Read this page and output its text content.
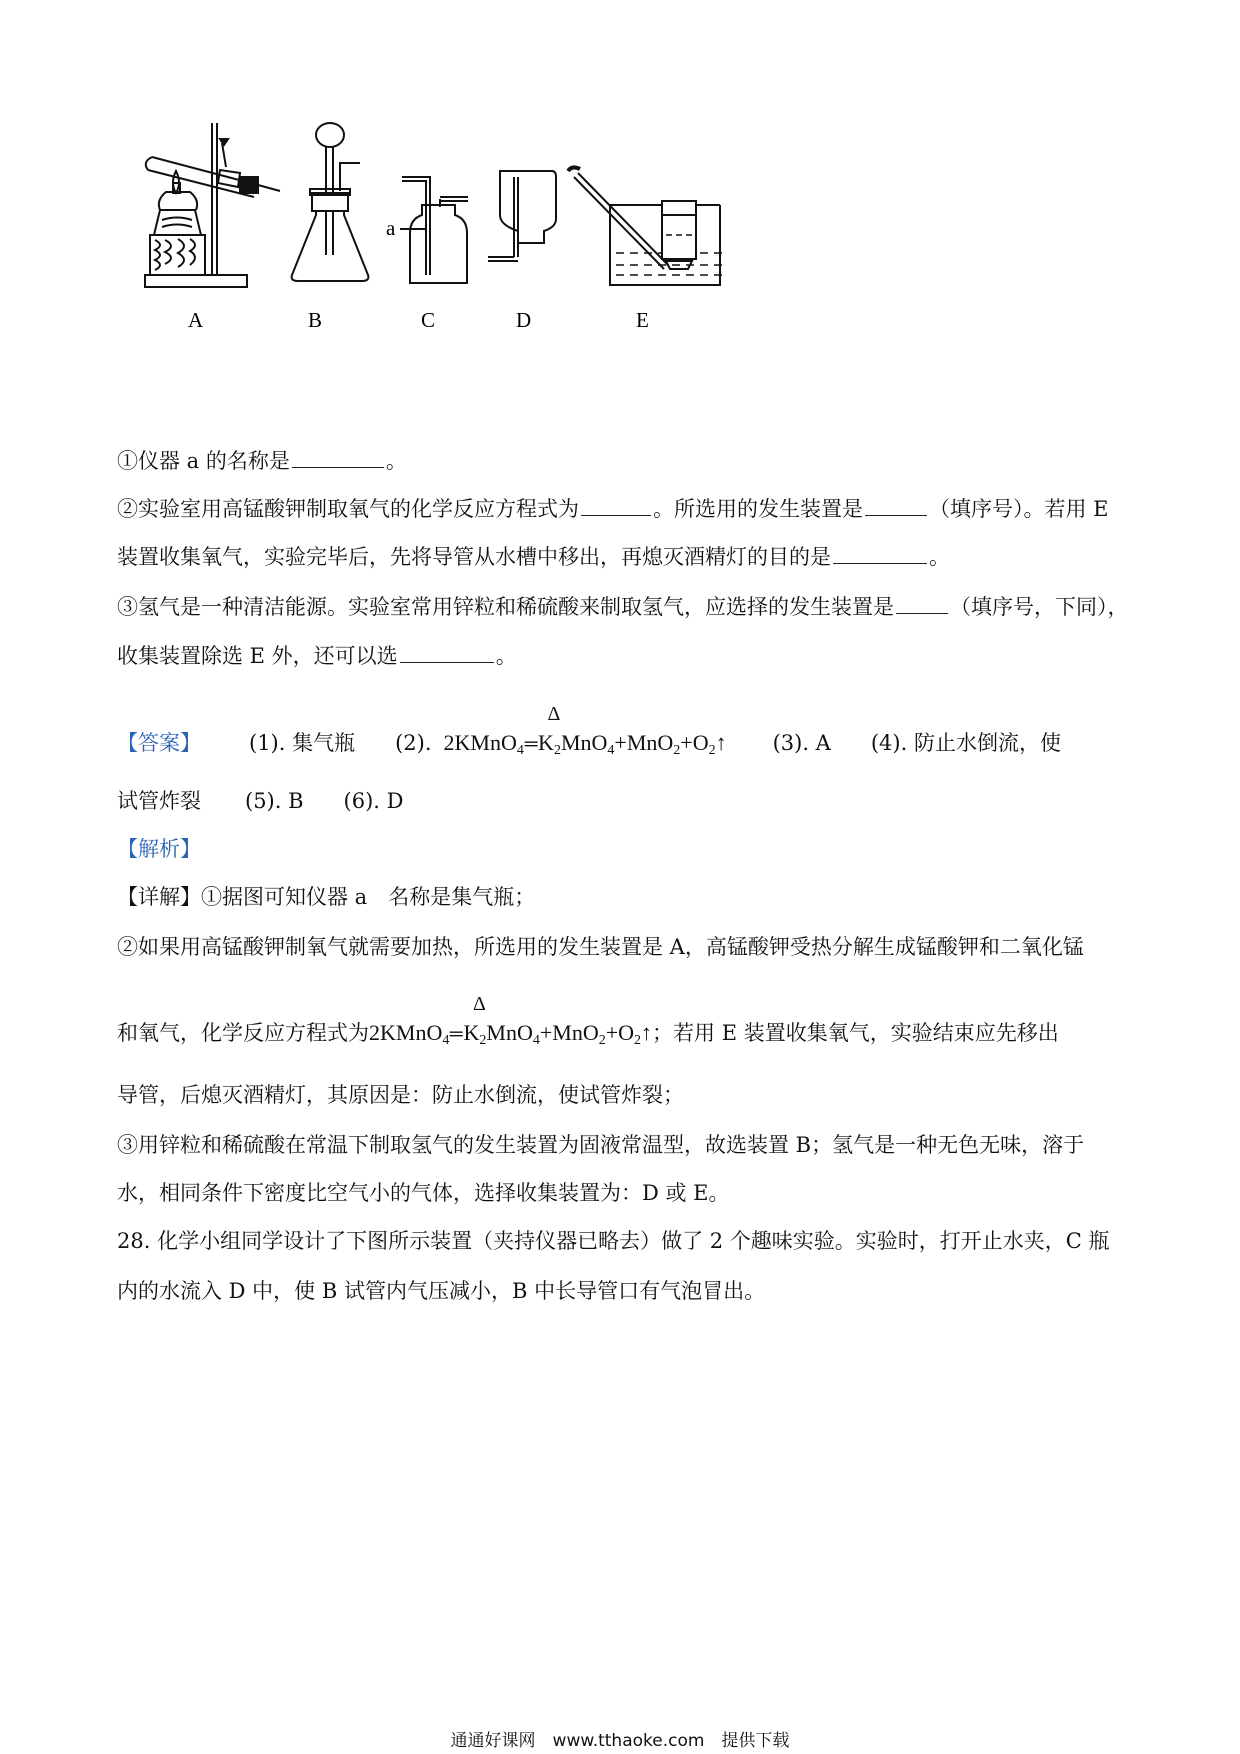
a
A	B	C	D	E
①仪器 a 的名称是	。
②实验室用高锰酸钾制取氧气的化学反应方程式为	。所选用的发生装置是	（填序号）。若用 E
装置收集氧气，实验完毕后，先将导管从水槽中移出，再熄灭酒精灯的目的是	。
③氢气是一种清洁能源。实验室常用锌粒和稀硫酸来制取氢气，应选择的发生装置是	（填序号，下同），
收集装置除选 E 外，还可以选	。
【答案】 (1). 集气瓶 (2). 2KMnO$_4$
Δ
$═K_2MnO_4+MnO_2+O_2↑$ (3). A (4). 防止水倒流，使
试管炸裂 (5). B (6). D
【解析】
【详解】①据图可知仪器 a　名称是集气瓶；
②如果用高锰酸钾制氧气就需要加热，所选用的发生装置是 A，高锰酸钾受热分解生成锰酸钾和二氧化锰
和氧气，化学反应方程式为2KMnO$_4$
Δ
$═K_2MnO_4+MnO_2+O_2↑$；若用 E 装置收集氧气，实验结束应先移出
导管，后熄灭酒精灯，其原因是：防止水倒流，使试管炸裂；
③用锌粒和稀硫酸在常温下制取氢气的发生装置为固液常温型，故选装置 B；氢气是一种无色无味，溶于
水，相同条件下密度比空气小的气体，选择收集装置为：D 或 E。
28. 化学小组同学设计了下图所示装置（夹持仪器已略去）做了 2 个趣味实验。实验时，打开止水夹，C 瓶
内的水流入 D 中，使 B 试管内气压减小，B 中长导管口有气泡冒出。
通通好课网　www.tthaoke.com　提供下载
